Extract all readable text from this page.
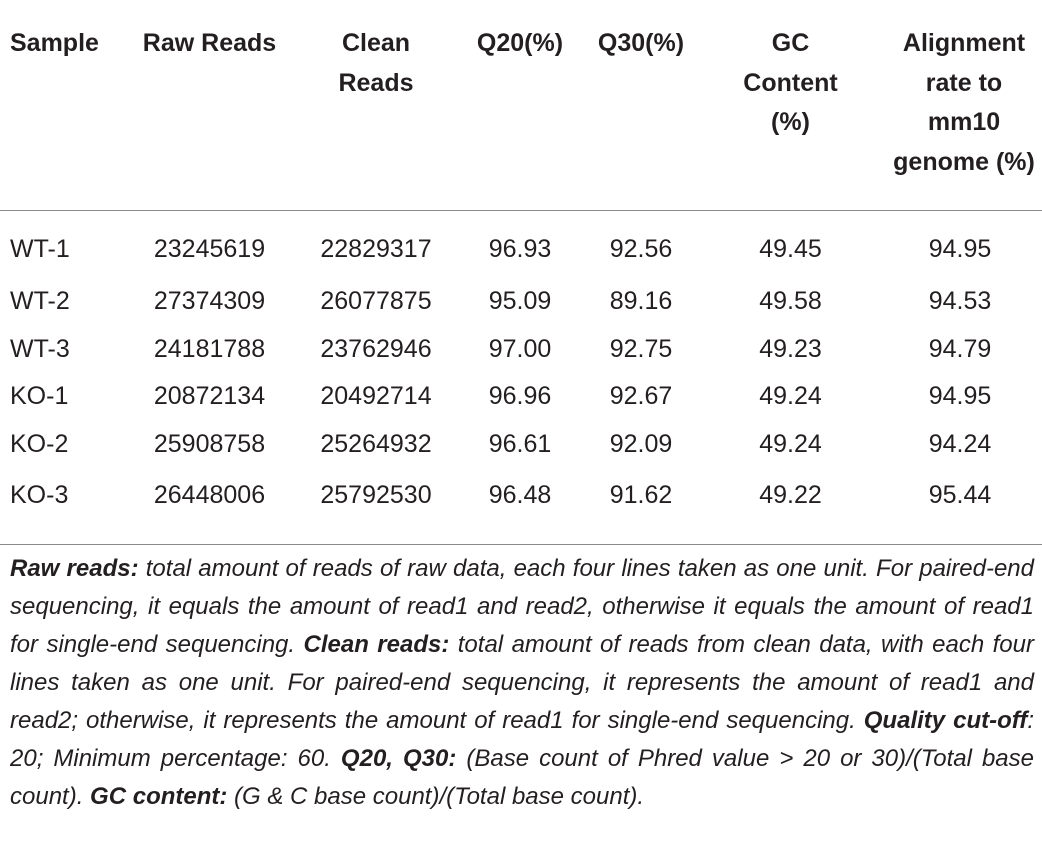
Sample	Raw Reads	Clean Reads	Q20(%)	Q30(%)	GC Content (%)	Alignment rate to mm10 genome (%)
WT-1	23245619	22829317	96.93	92.56	49.45	94.95
WT-2	27374309	26077875	95.09	89.16	49.58	94.53
WT-3	24181788	23762946	97.00	92.75	49.23	94.79
KO-1	20872134	20492714	96.96	92.67	49.24	94.95
KO-2	25908758	25264932	96.61	92.09	49.24	94.24
KO-3	26448006	25792530	96.48	91.62	49.22	95.44
Raw reads: total amount of reads of raw data, each four lines taken as one unit. For paired-end sequencing, it equals the amount of read1 and read2, otherwise it equals the amount of read1 for single-end sequencing. Clean reads: total amount of reads from clean data, with each four lines taken as one unit. For paired-end sequencing, it represents the amount of read1 and read2; otherwise, it represents the amount of read1 for single-end sequencing. Quality cut-off: 20; Minimum percentage: 60. Q20, Q30: (Base count of Phred value > 20 or 30)/(Total base count). GC content: (G & C base count)/(Total base count).
